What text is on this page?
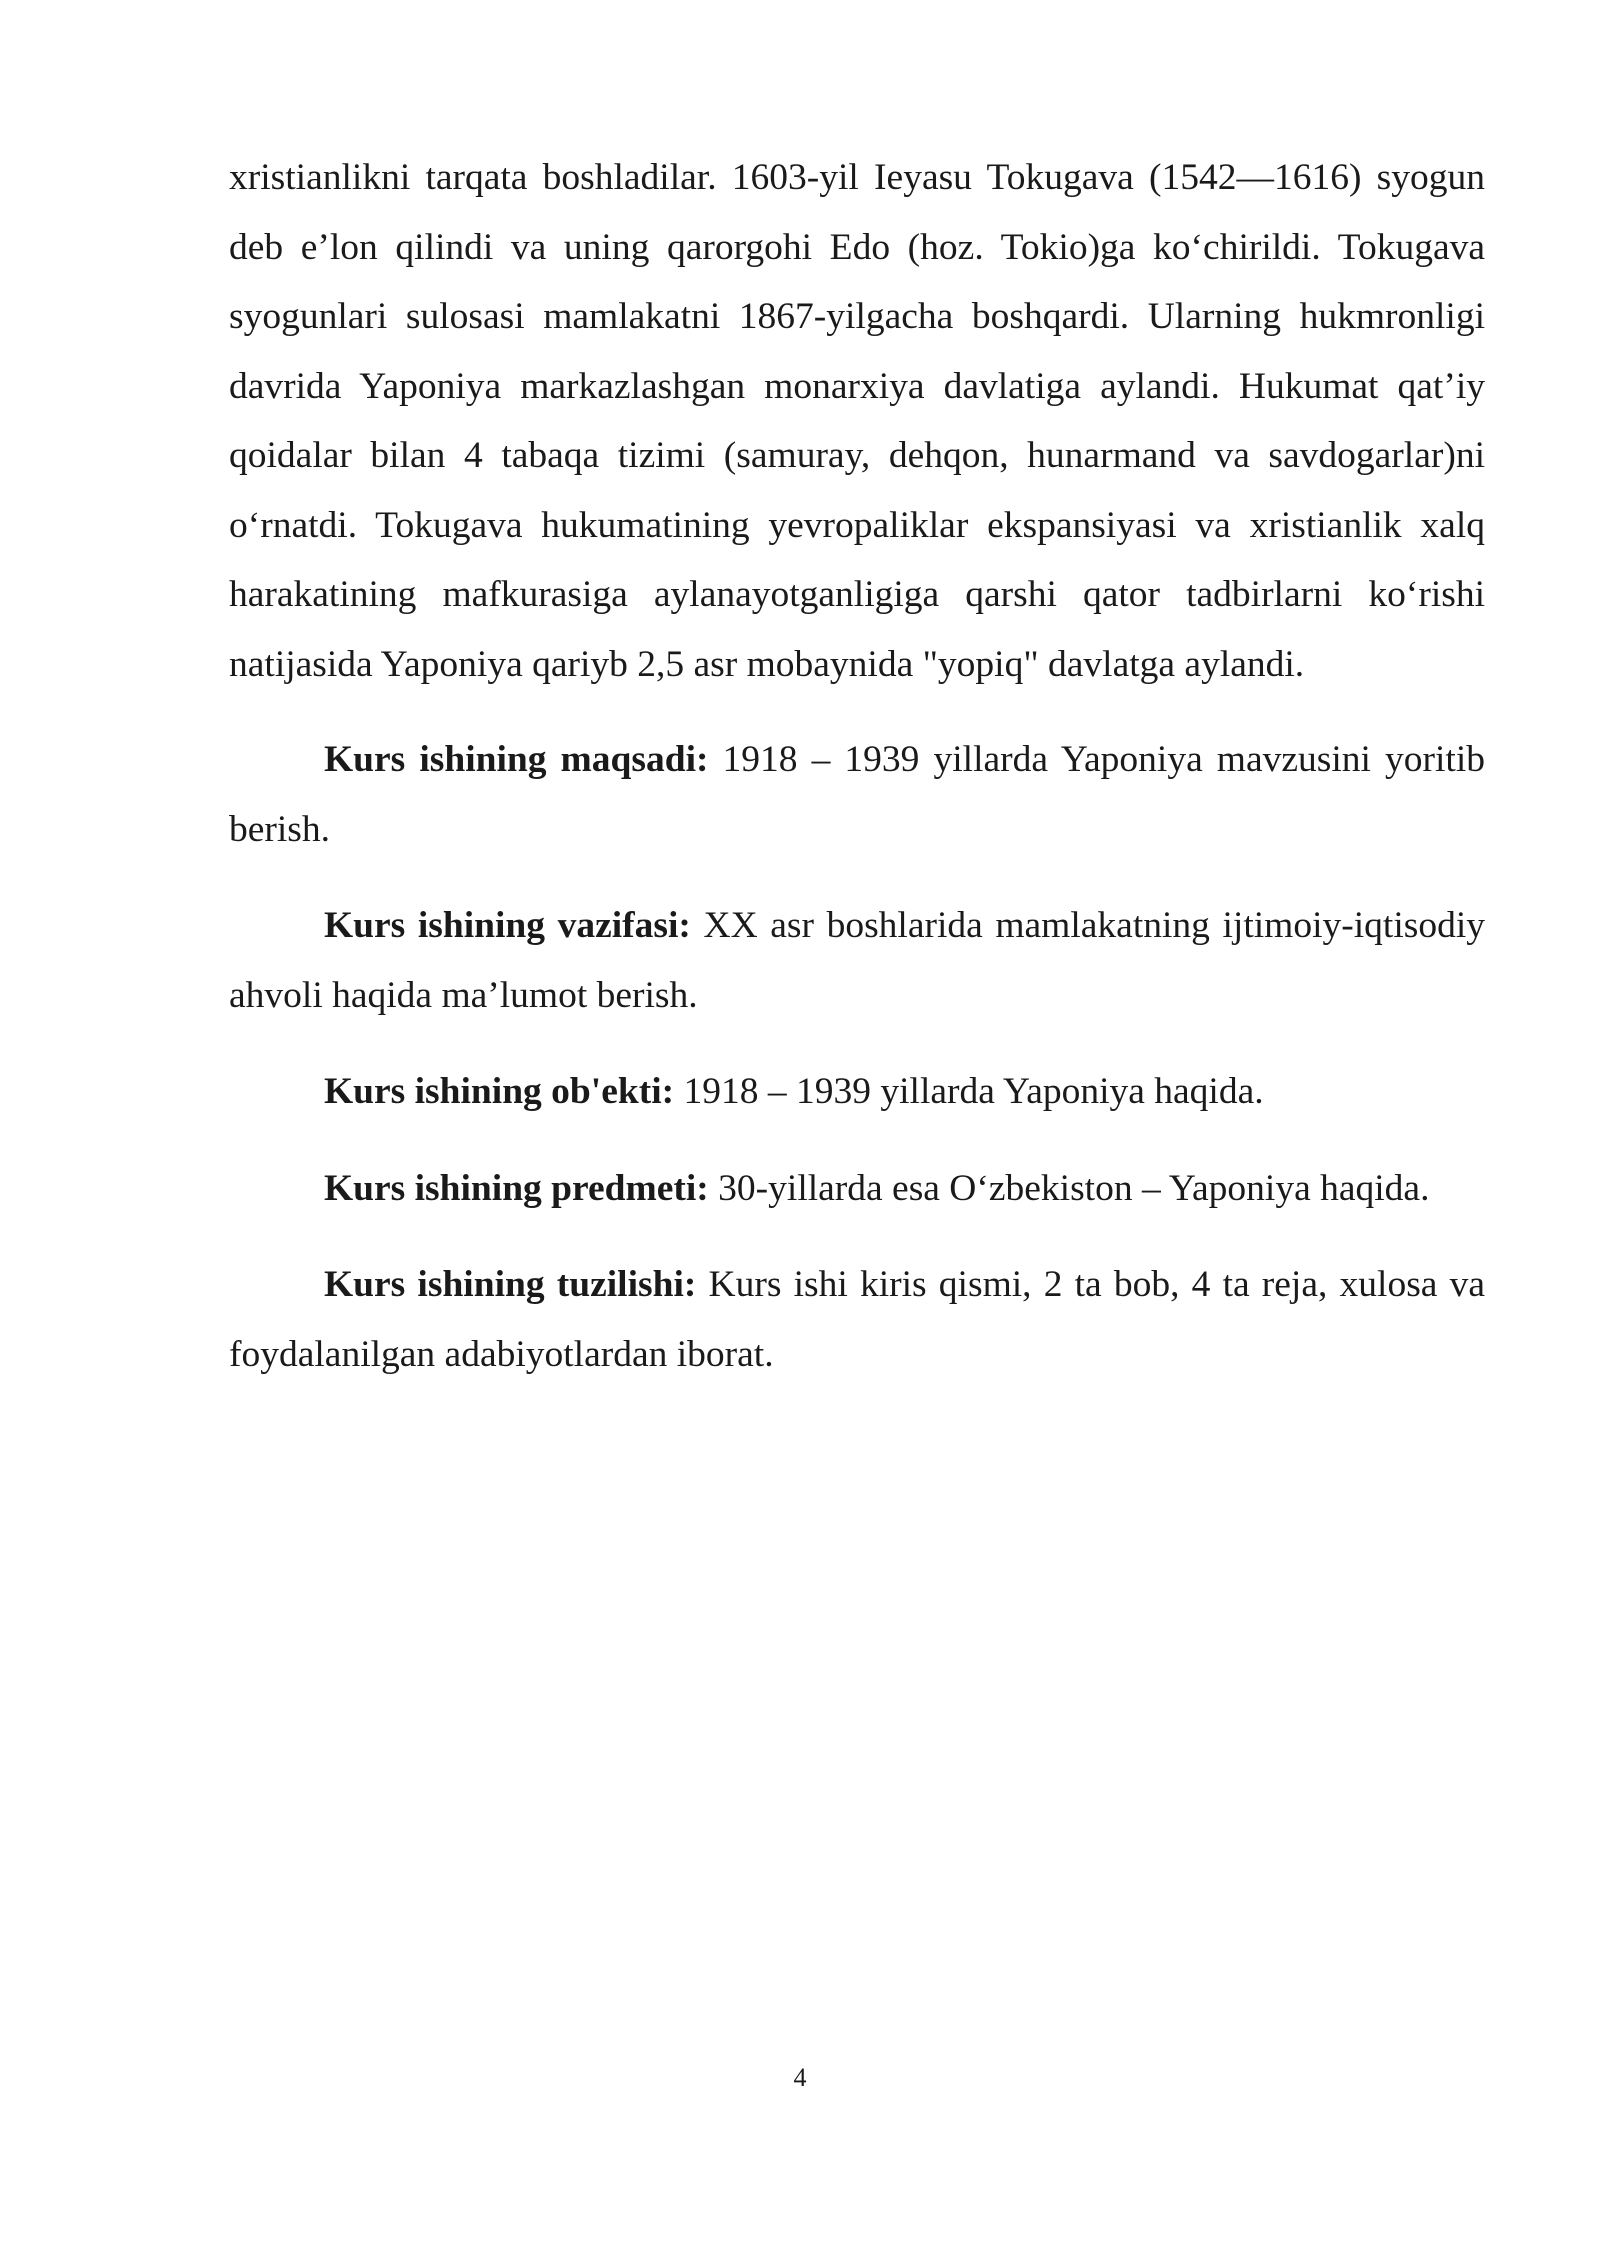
xristianlikni tarqata boshladilar. 1603-yil Ieyasu Tokugava (1542—1616) syogun deb e’lon qilindi va uning qarorgohi Edo (hoz. Tokio)ga ko‘chirildi. Tokugava syogunlari sulosasi mamlakatni 1867-yilgacha boshqardi. Ularning hukmronligi davrida Yaponiya markazlashgan monarxiya davlatiga aylandi. Hukumat qat’iy qoidalar bilan 4 tabaqa tizimi (samuray, dehqon, hunarmand va savdogarlar)ni o‘rnatdi. Tokugava hukumatining yevropaliklar ekspansiyasi va xristianlik xalq harakatining mafkurasiga aylanayotganligiga qarshi qator tadbirlarni ko‘rishi natijasida Yaponiya qariyb 2,5 asr mobaynida "yopiq" davlatga aylandi.

Kurs ishining maqsadi: 1918 – 1939 yillarda Yaponiya mavzusini yoritib berish.

Kurs ishining vazifasi: XX asr boshlarida mamlakatning ijtimoiy-iqtisodiy ahvoli haqida ma’lumot berish.

Kurs ishining ob'ekti: 1918 – 1939 yillarda Yaponiya haqida.

Kurs ishining predmeti: 30-yillarda esa O‘zbekiston – Yaponiya haqida.

Kurs ishining tuzilishi: Kurs ishi kiris qismi, 2 ta bob, 4 ta reja, xulosa va foydalanilgan adabiyotlardan iborat.

4
